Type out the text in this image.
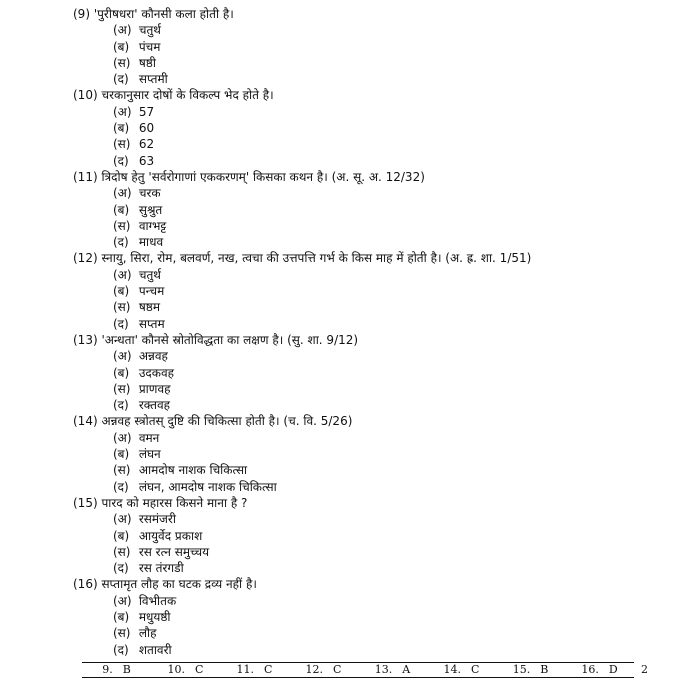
(9) 'पुरीषधरा' कौनसी कला होती है।
(अ) चतुर्थ
(ब) पंचम
(स) षष्ठी
(द) सप्तमी
(10) चरकानुसार दोषों के विकल्प भेद होते है।
(अ) 57
(ब) 60
(स) 62
(द) 63
(11) त्रिदोष हेतु 'सर्वरोगाणां एककरणम्' किसका कथन है। (अ. सू. अ. 12/32)
(अ) चरक
(ब) सुश्रुत
(स) वाग्भट्ट
(द) माधव
(12) स्नायु, सिरा, रोम, बलवर्ण, नख, त्वचा की उत्तपत्ति गर्भ के किस माह में होती है। (अ. ह्र. शा. 1/51)
(अ) चतुर्थ
(ब) पन्चम
(स) षष्ठम
(द) सप्तम
(13) 'अन्धता' कौनसे स्रोतोविद्धता का लक्षण है। (सु. शा. 9/12)
(अ) अन्नवह
(ब) उदकवह
(स) प्राणवह
(द) रक्तवह
(14) अन्नवह स्त्रोतस् दुष्टि की चिकित्सा होती है। (च. वि. 5/26)
(अ) वमन
(ब) लंघन
(स) आमदोष नाशक चिकित्सा
(द) लंघन, आमदोष नाशक चिकित्सा
(15) पारद को महारस किसने माना है ?
(अ) रसमंजरी
(ब) आयुर्वेद प्रकाश
(स) रस रत्न समुच्चय
(द) रस तंरगडी
(16) सप्तामृत लौह का घटक द्रव्य नहीं है।
(अ) विभीतक
(ब) मधुयष्ठी
(स) लौह
(द) शतावरी
9. B	10. C	11. C	12. C	13. A	14. C	15. B	16. D	2
